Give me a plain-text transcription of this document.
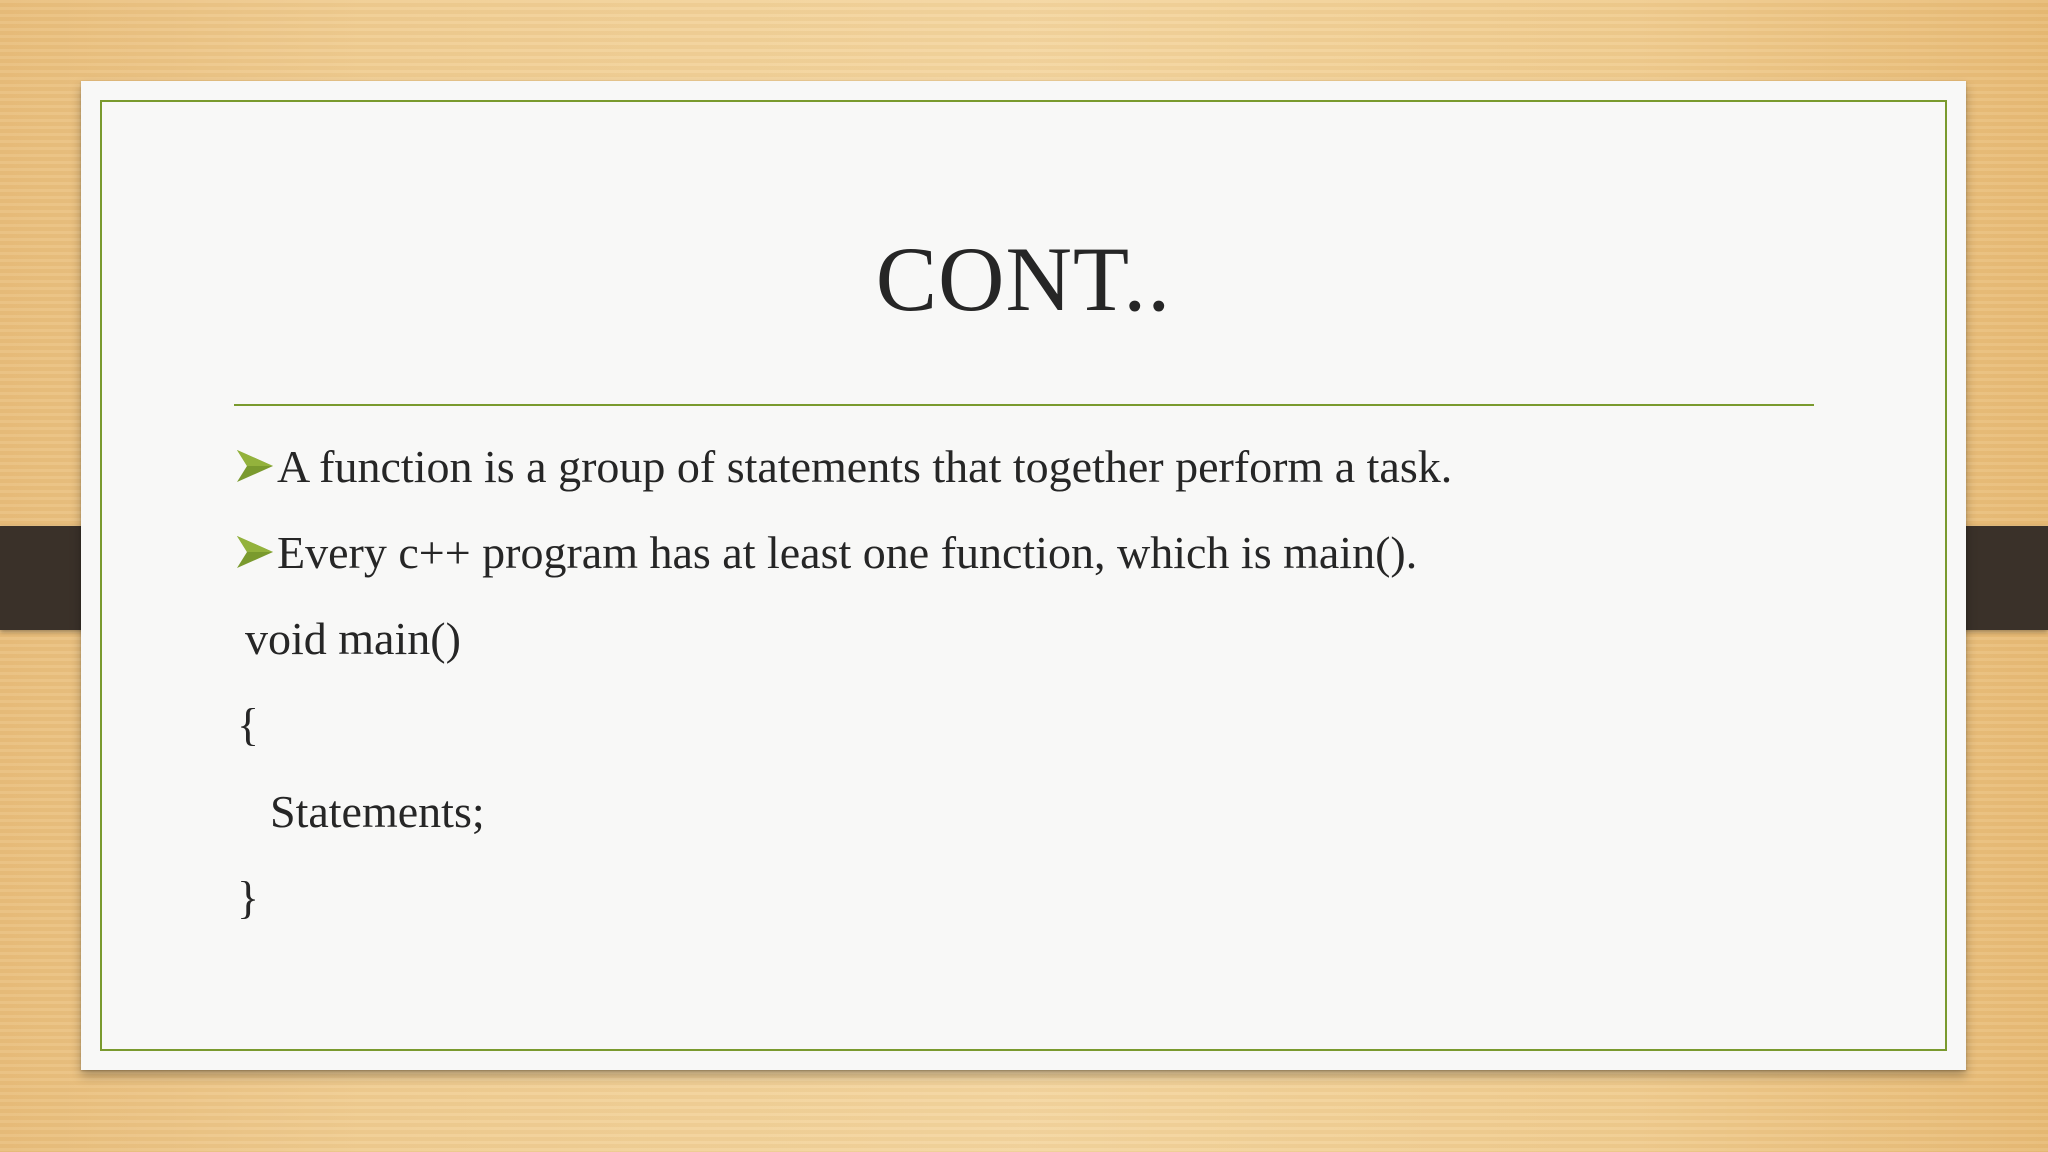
CONT..
A function is a group of statements that together perform a task.
Every c++ program has at least one function, which is main().
void main()
{
Statements;
}
